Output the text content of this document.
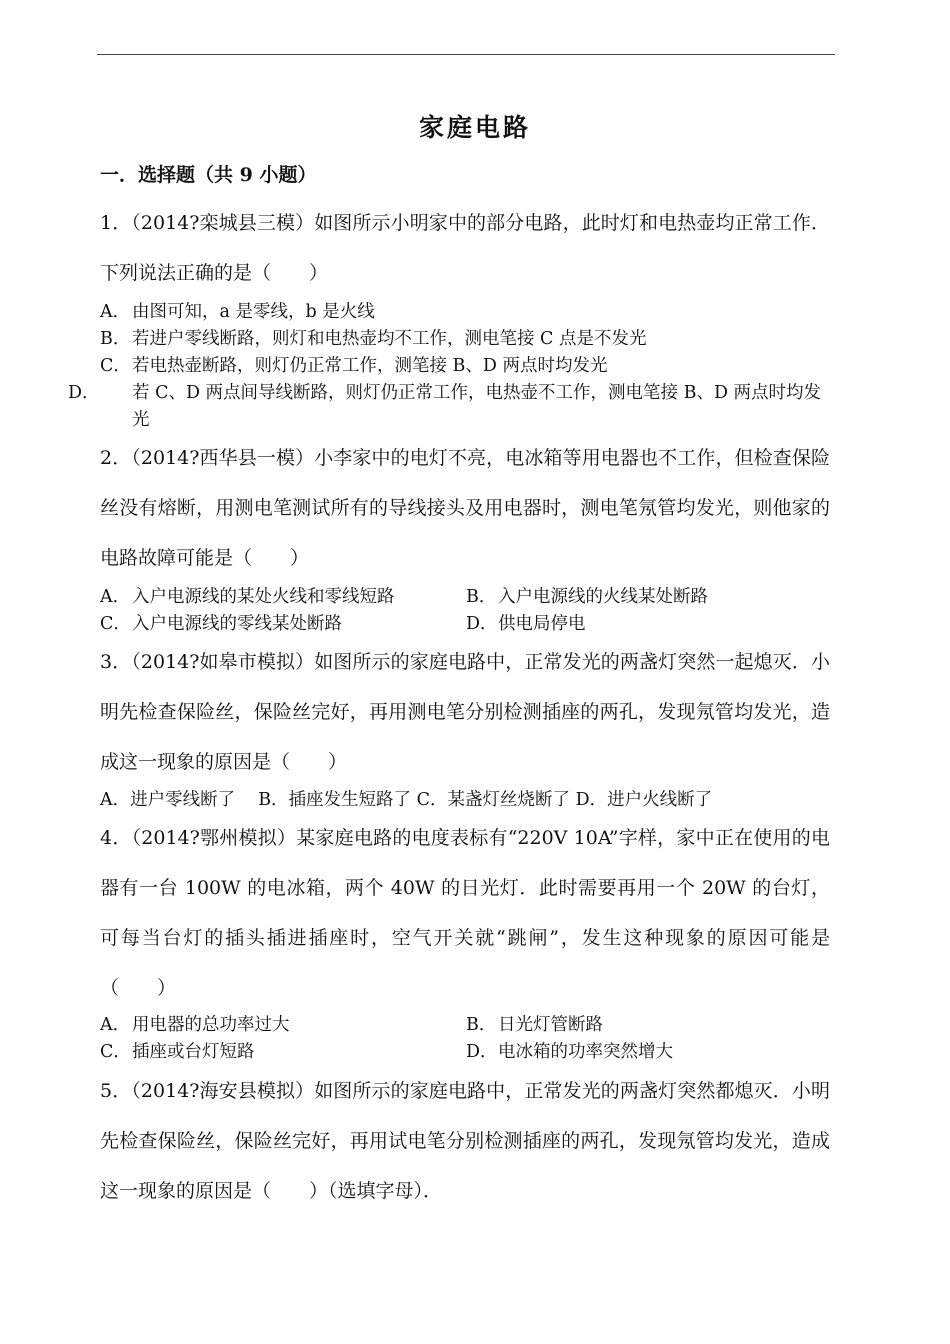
家庭电路
一．选择题（共 9 小题）
1．（2014?栾城县三模）如图所示小明家中的部分电路，此时灯和电热壶均正常工作．下列说法正确的是（　　）
A． 由图可知，a 是零线，b 是火线
B．若进户零线断路，则灯和电热壶均不工作，测电笔接 C 点是不发光
C．若电热壶断路，则灯仍正常工作，测笔接 B、D 两点时均发光
D． 若 C、D 两点间导线断路，则灯仍正常工作，电热壶不工作，测电笔接 B、D 两点时均发光
2．（2014?西华县一模）小李家中的电灯不亮，电冰箱等用电器也不工作，但检查保险丝没有熔断，用测电笔测试所有的导线接头及用电器时，测电笔氖管均发光，则他家的电路故障可能是（　　）
A． 入户电源线的某处火线和零线短路	B．入户电源线的火线某处断路
C．入户电源线的零线某处断路	D．供电局停电
3．（2014?如皋市模拟）如图所示的家庭电路中，正常发光的两盏灯突然一起熄灭．小明先检查保险丝，保险丝完好，再用测电笔分别检测插座的两孔，发现氖管均发光，造成这一现象的原因是（　　）
A．进户零线断了　 B．插座发生短路了 C．某盏灯丝烧断了 D．进户火线断了
4．（2014?鄂州模拟）某家庭电路的电度表标有“220V 10A”字样，家中正在使用的电器有一台 100W 的电冰箱，两个 40W 的日光灯．此时需要再用一个 20W 的台灯，可每当台灯的插头插进插座时，空气开关就“跳闸”，发生这种现象的原因可能是（　　）
A． 用电器的总功率过大	B．日光灯管断路
C．插座或台灯短路	D．电冰箱的功率突然增大
5．（2014?海安县模拟）如图所示的家庭电路中，正常发光的两盏灯突然都熄灭．小明先检查保险丝，保险丝完好，再用试电笔分别检测插座的两孔，发现氖管均发光，造成这一现象的原因是（　　）（选填字母）．
